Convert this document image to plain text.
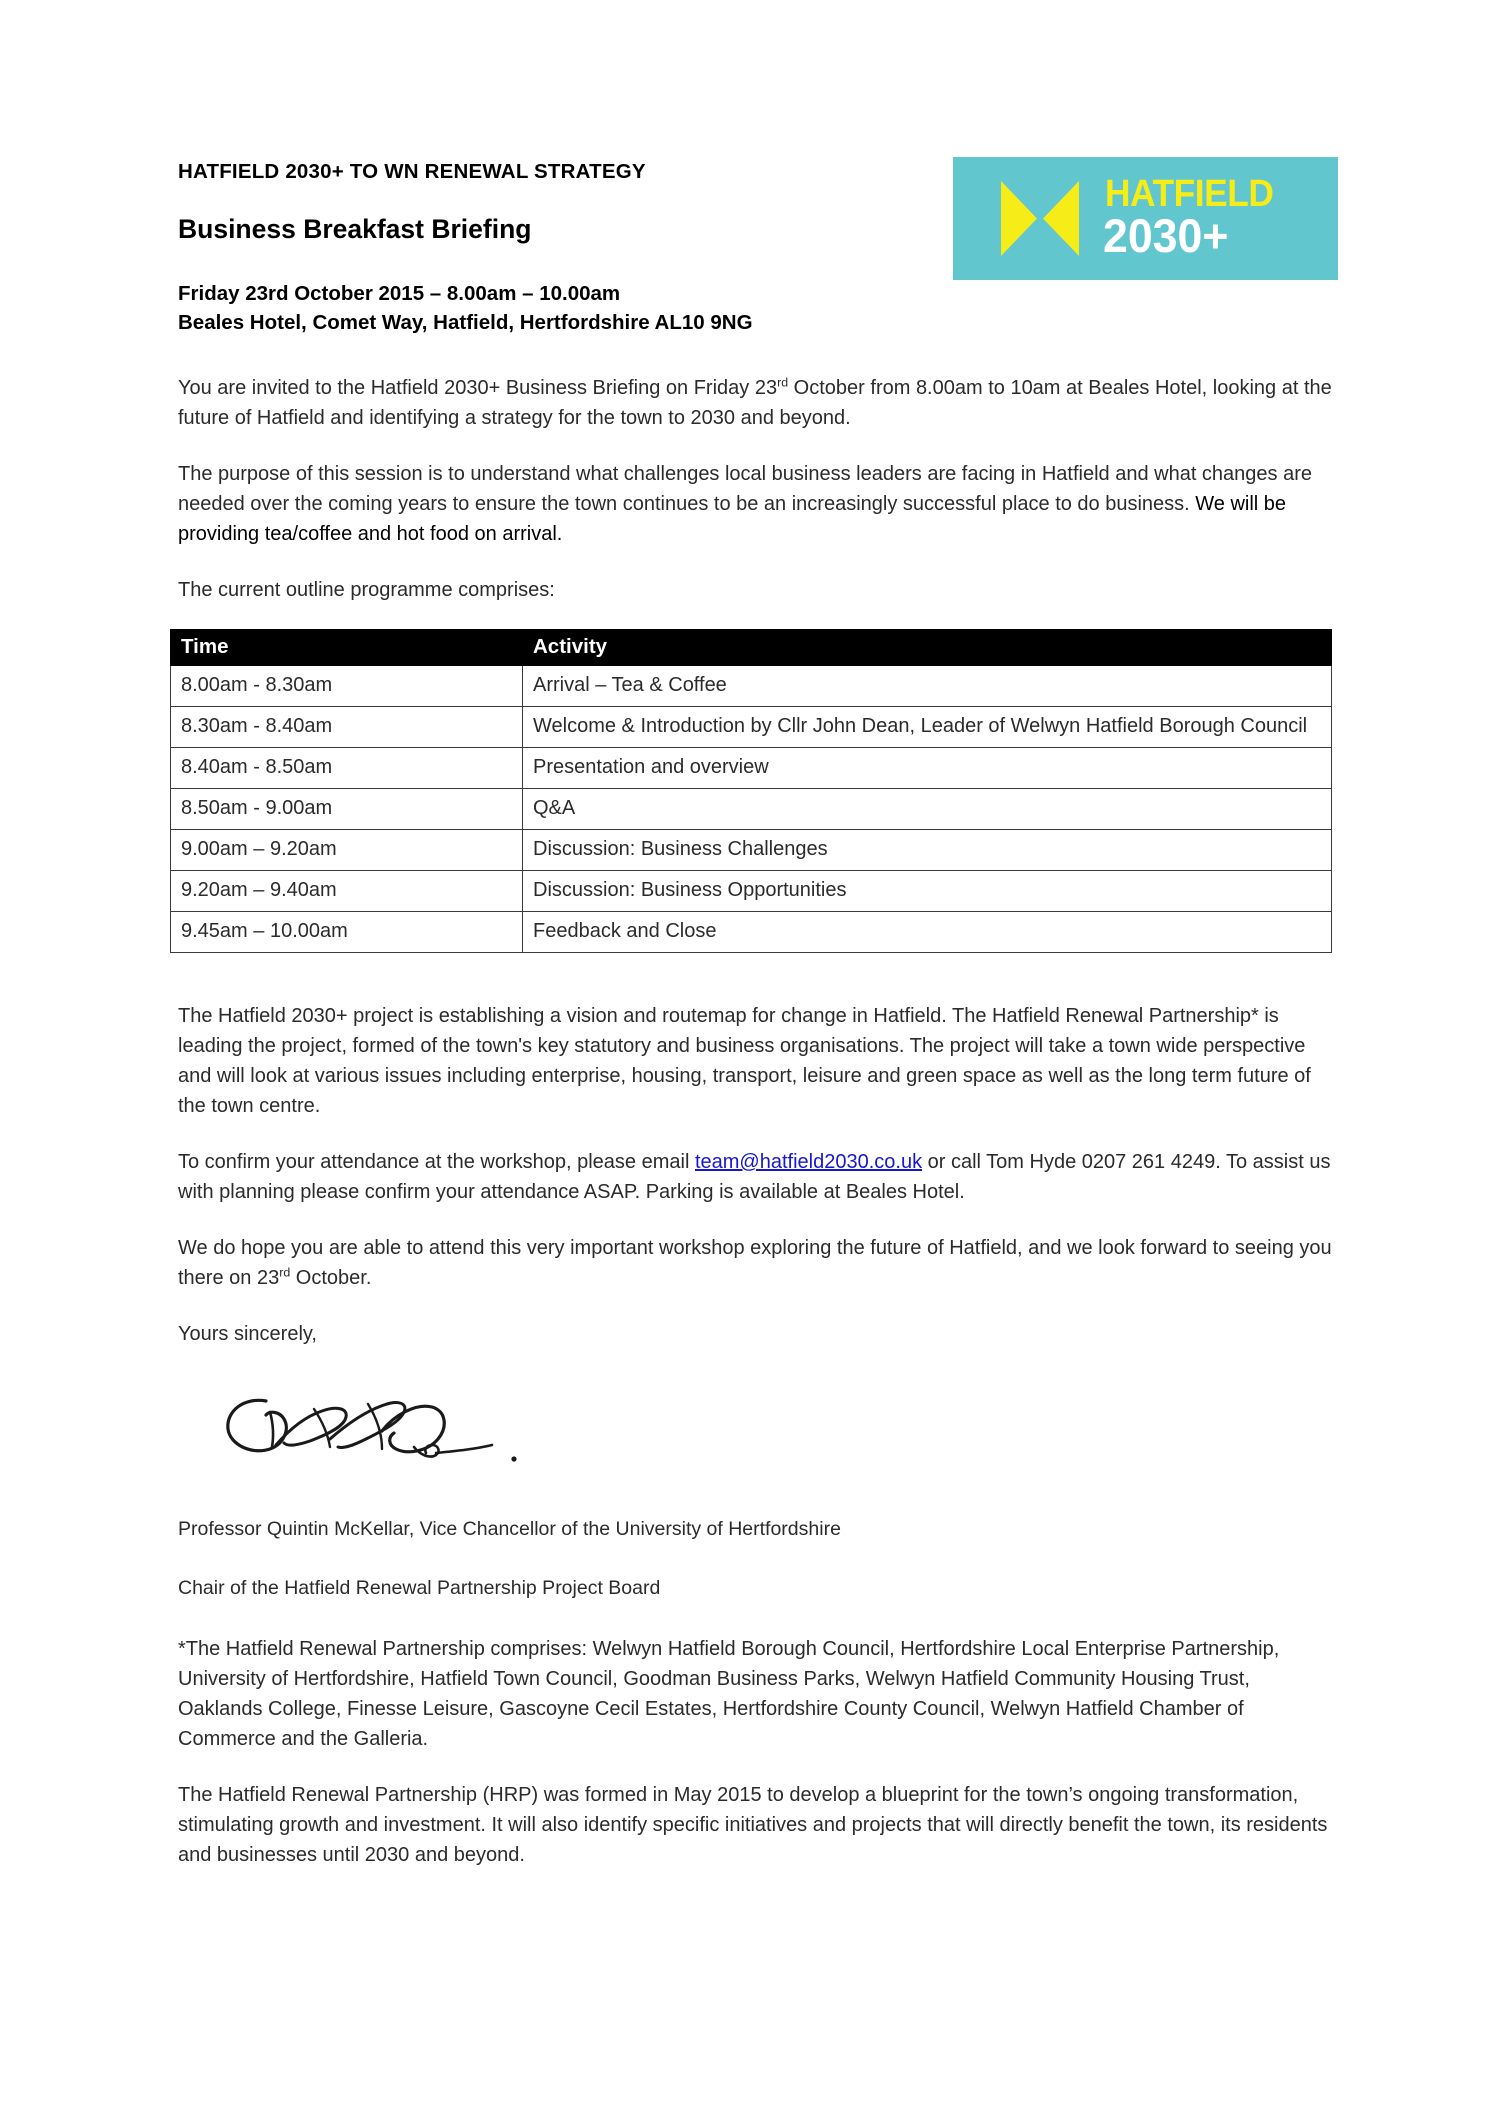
HATFIELD
2030+
HATFIELD 2030+ TO WN RENEWAL STRATEGY
Business Breakfast Briefing
Friday 23rd October 2015 – 8.00am – 10.00am
Beales Hotel, Comet Way, Hatfield, Hertfordshire AL10 9NG

You are invited to the Hatfield 2030+ Business Briefing on Friday 23rd October from 8.00am to 10am at Beales Hotel, looking at the future of Hatfield and identifying a strategy for the town to 2030 and beyond.

The purpose of this session is to understand what challenges local business leaders are facing in Hatfield and what changes are needed over the coming years to ensure the town continues to be an increasingly successful place to do business. We will be providing tea/coffee and hot food on arrival.

The current outline programme comprises:

Time	Activity
8.00am - 8.30am	Arrival – Tea & Coffee
8.30am - 8.40am	Welcome & Introduction by Cllr John Dean, Leader of Welwyn Hatfield Borough Council
8.40am - 8.50am	Presentation and overview
8.50am - 9.00am	Q&A
9.00am – 9.20am	Discussion: Business Challenges
9.20am – 9.40am	Discussion: Business Opportunities
9.45am – 10.00am	Feedback and Close

The Hatfield 2030+ project is establishing a vision and routemap for change in Hatfield. The Hatfield Renewal Partnership* is leading the project, formed of the town's key statutory and business organisations. The project will take a town wide perspective and will look at various issues including enterprise, housing, transport, leisure and green space as well as the long term future of the town centre.

To confirm your attendance at the workshop, please email team@hatfield2030.co.uk or call Tom Hyde 0207 261 4249. To assist us with planning please confirm your attendance ASAP. Parking is available at Beales Hotel.

We do hope you are able to attend this very important workshop exploring the future of Hatfield, and we look forward to seeing you there on 23rd October.

Yours sincerely,

Professor Quintin McKellar, Vice Chancellor of the University of Hertfordshire

Chair of the Hatfield Renewal Partnership Project Board

*The Hatfield Renewal Partnership comprises: Welwyn Hatfield Borough Council, Hertfordshire Local Enterprise Partnership, University of Hertfordshire, Hatfield Town Council, Goodman Business Parks, Welwyn Hatfield Community Housing Trust, Oaklands College, Finesse Leisure, Gascoyne Cecil Estates, Hertfordshire County Council, Welwyn Hatfield Chamber of Commerce and the Galleria.

The Hatfield Renewal Partnership (HRP) was formed in May 2015 to develop a blueprint for the town’s ongoing transformation, stimulating growth and investment. It will also identify specific initiatives and projects that will directly benefit the town, its residents and businesses until 2030 and beyond.
